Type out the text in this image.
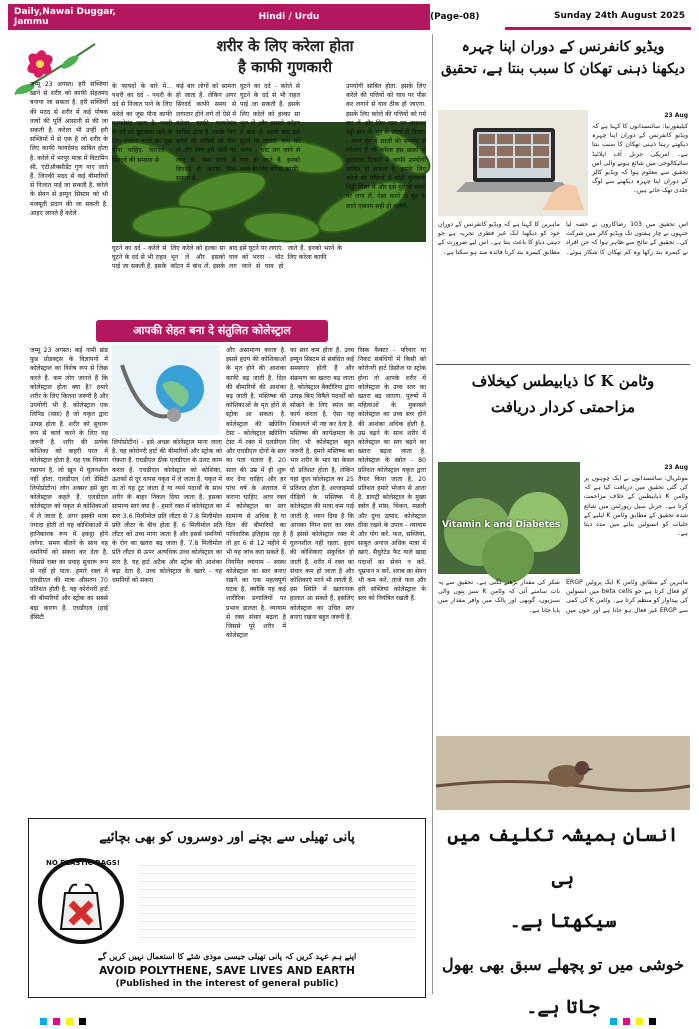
Daily,Nawai Duggar, Jammu	Hindi / Urdu	(Page-08)	Sunday 24th August 2025
शरीर के लिए करेला होता
है काफी गुणकारी
जम्मू 23 अगस्त। हरी सब्जियां खाने से शरीर को काफी सेहतमंद बनाया जा सकता है. हरी सब्जियों की मदद से शरीर में कई पोषक तत्वों की पूर्ति आसानी से की जा सकती है. करेला भी उन्हीं हरी सब्जियों में से एक है जो शरीर के लिए काफी फायदेमंद साबित होता है. करेले में भरपूर मात्रा में विटामिन सी, एंटीऑक्सीडेंट गुण पाए जाते हैं. जिनकी मदद से कई बीमारियों से निजात पाई जा सकती है. करेले के सेवन से इम्यून सिस्टम को भी मजबूती प्रदान की जा सकती है. आइए जानते हैं करेले
के फायदों के बारे में... पथरी का दर्द - पथरी के दर्द से निजात पाने के लिए करेले का जूस पीना काफी फायदेमंद रहता है. पथरी के दर्द को छुटकारा पाने के लिए रोजाना करेले का जूस पीना चाहिए. सिरदर्द - सिरदर्द की समस्या से
कई बार लोगों को सामना हो जाता है. लेकिन अगर सिरदर्द काफी समय से लगातार होने लगे तो ऐसे में करेला काफी फायदेमंद साबित होता है. इसके लिए करेले की पत्तियों को पीस लें और फिर इसे माथे पर लगा लें. ऐसा करने से सिरदर्द से आराम मिल सकता है.
घुटने का दर्द - करेले से घुटने के दर्द से भी राहत पाई जा सकती है. इसके लिए करेले को हल्का सा भून लें और इसको कॉटन में बांध लें. इसके बाद इसे घुटने पर लगाएं. घाव को भरना - चोट लग जाने से घाव हो जाते हैं. इनको भरने के लिए करेला काफी
उपयोगी साबित होता. इसके लिए करेले की पत्तियों को घाव पर पीस कर लगाने से घाव ठीक हो जाएगा. इसके लिए करेले की पत्तियों को गर्म कर लें और फिर घाव पर लगाकर पट्टी बांध लें. मुंह के छालों से निजात - अगर मुंह में छालों की समस्या से परेशान हैं तो करेला इस छालों से छुटकारा दिलाने में काफी उपयोगी साबित हो सकता है. इसके लिए करेले की पत्तियों में थोड़ी मुलतानी मिट्टी मिला लें और इसे मुंह के छालों पर लगा लें. ऐसा करने से मुंह के छाले एकदम सही हो जाएंगे.
घुटने का दर्द - करेले से घुटने के दर्द से भी राहत पाई जा सकती है. इसके लिए करेले को हल्का सा भून लें और इसको कॉटन में बांध लें. इसके बाद इसे घुटने पर लगाएं. घाव को भरना - चोट लग जाने से घाव हो जाते हैं. इनको भरने के लिए करेला काफी
आपकी सेहत बना दे संतुलित कोलेस्ट्राल
जम्मू 23 अगस्त। कई नामी ब्रांड फूड प्रोडक्ट्स के विज्ञापनों में कोलेस्ट्राल का विशेष रूप से जिक्र करते हैं. कम लोग जानते हैं कि कोलेस्ट्राल होता क्या है? हमारे शरीर के लिए कितना जरूरी है और उपयोगी भी है. कोलेस्ट्राल एक लिपिड (वसा) है जो यकृत द्वारा उत्पन्न होता है. शरीर को सुचारू रूप से कार्य करने के लिए यह जरूरी है. शरीर की प्रत्येक कोशिका को बाहरी परत में कोलेस्ट्राल होता है. यह एक चिकना रसायन है, जो खून में घुलनशील नहीं होता. एलडीएल (लो डेंसिटी लिपोप्रोटीन) लोग अक्सर इसे बुरा कोलेस्ट्राल कहते हैं. एलडीएल कोलेस्ट्राल को यकृत से कोशिकाओं में ले जाता है. अगर इसकी मात्रा ज्यादा होती तो यह कोशिकाओं में हानिकारक रूप में इकट्ठा होने लगेगा. समय बीतने के साथ यह धमनियों को संकरा कर देता है, जिससे रक्त का प्रवाह सुचारू रूप से नहीं हो पाता. हमारे रक्त में एलडीएल की मात्रा औसतन 70 प्रतिशत होती है. यह कोरोनरी हार्ट की बीमारियों और स्ट्रोक का सबसे बड़ा कारण है. एचडीएल (हाई डेंसिटी
लिपोप्रोटीन) - इसे अच्छा कोलेस्ट्राल माना जाता है. यह कोरोनरी हार्ट की बीमारियों और स्ट्रोक को रोकता है. एचडीएल ठीक एलडीएल के उलट काम करता है. एचडीएल कोलेस्ट्राल को कोशिका, ऊतकों से दूर वापस यकृत में ले जाता है. यकृत में या तो यह टूट जाता है या व्यर्थ पदार्थों के साथ शरीर के बाहर निकल दिया जाता है. इसका सामान्य स्तर क्या है - हमारे रक्त में कोलेस्ट्राल का स्तर 3.6 मिलीमोल प्रति लीटर से 7.8 मिलीमोल प्रति लीटर के बीच होता है. 6 मिलीमोल प्रति लीटर को उच्च माना जाता है और इससे धमनियों के रोग का खतरा बढ़ जाता है. 7.8 मिलीमोल प्रति लीटर से ऊपर अत्यधिक उच्च कोलेस्ट्राल का स्तर है. यह हार्ट अटैक और स्ट्रोक की आशंका बढ़ा देता है. उच्च कोलेस्ट्राल के खतरे - यह धमनियों को संकरा
और असामान्य करता है. इससे हृदय की कोशिकाओं के मृत होने की आशंका काफी बढ़ जाती है. दिल की बीमारियों की आशंका बढ़ जाती है. मस्तिष्क की कोशिकाओं के मृत होने से स्ट्रोक आ सकता है. कोलेस्ट्राल की स्क्रीनिंग टेस्ट - कोलेस्ट्राल स्क्रीनिंग टेस्ट में रक्त में एलडीएल और एचडीएल दोनों के स्तर का पता चलता है. 20 साल की उम्र में ही शुरू कर देना चाहिए और हर पांच वर्ष के अंतराल में कराना चाहिए. अगर रक्त में कोलेस्ट्राल का स्तर सामान्य से अधिक है या दिल की बीमारियों का पारिवारिक इतिहास रहा है तो हर 6 से 12 महीने में भी यह जांच करा सकते हैं. नियमित व्यायाम - स्वस्थ कोलेस्ट्राल का स्तर बनाए रखने का एक महत्वपूर्ण घटक है, क्योंकि यह कई शारीरिक प्रणालियों पर प्रभाव डालता है. व्यायाम से रक्त संचार बढ़ता है जिससे पूरे शरीर में कोलेस्ट्राल
का स्तर कम होता है. उच्च इम्यून सिस्टम से संबंधित कई समस्याएं होती हैं और संक्रमण का खतरा बढ़ जाता है. कोलेस्ट्राल बैक्टीरिया द्वारा उत्पन्न किए विषैले पदार्थों को सोखने के लिए स्पंज का कार्य करता है, ऐसा यह शिकायतें भी नष्ट कर देता है. मस्तिष्क की कार्यक्षमता के लिए भी कोलेस्ट्राल बहुत जरूरी है. हमारे मस्तिष्क का भार शरीर के भार का केवल दो प्रतिशत होता है, लेकिन यहां कुल कोलेस्ट्राल का 25 प्रतिशत होता है. अल्जाइमर्स पीड़ितों के मस्तिष्क में कोलेस्ट्राल की मात्रा कम पाई जाती है. ध्यान दिया है कि आपका निम्न स्तर का रक्त है इससे कोलेस्ट्राल रक्त में घुलनशील नहीं रहता. हृदय की कोशिकाएं संकुचित हो जाती हैं. शरीर में रक्त का संचार कम हो जाता है और कोशिकाएं मरने भी लगती हैं. इस स्थिति में खतरनाक हालात आ सकते हैं, इसलिए कोलेस्ट्राल का उचित स्तर बनाए रखना बहुत जरूरी है.
रिस्क फैक्टर - परिवार या निकट संबंधियों में किसी को कोरोनरी हार्ट डिसीज या स्ट्रोक होना तो आपके शरीर में कोलेस्ट्राल के उच्च स्तर का खतरा बढ़ जाएगा. पुरुषों में महिलाओं के मुकाबले कोलेस्ट्राल का उच्च स्तर होने की आशंका अधिक होती है. उम्र बढ़ने के साथ शरीर में कोलेस्ट्राल का स्तर बढ़ने का खतरा बढ़ता जाता है. कोलेस्ट्राल के स्त्रोत - 80 प्रतिशत कोलेस्ट्राल यकृत द्वारा तैयार किया जाता है, 20 प्रतिशत हमारे भोजन से आता है. डायट्री कोलेस्ट्राल के मुख्य स्त्रोत हैं मांस, चिकन, मछली और दुग्ध उत्पाद. कोलेस्ट्राल ठीक रखने के उपाय - व्यायाम और योग करें. फल, सब्जियां, साबुत अनाज अधिक मात्रा में खाएं. सैचुरेटेड फैट वाले खाद्य पदार्थों का सेवन न करें. धूम्रपान न करें, शराब का सेवन भी कम करें. ताजे फल और हरी सब्जियां कोलेस्ट्राल के स्तर को नियंत्रित रखती हैं.
پانی تھیلی سے بچنے اور دوسروں کو بھی بچائیے
NO PLASTIC BAGS!
اپنے ہم عہد کریں کہ پانی تھیلی جیسی موذی شئے کا استعمال نہیں کریں گے
AVOID POLYTHENE, SAVE LIVES AND EARTH
(Published in the interest of general public)
ویڈیو کانفرنس کے دوران اپنا چہرہ
دیکھنا ذہنی تھکان کا سبب بنتا ہے، تحقیق
23 Aug
کیلیفورنیا: سائنسدانوں کا کہنا ہے کہ ویڈیو کانفرنس کے دوران اپنا چہرہ دیکھتے رہنا ذہنی تھکان کا سبب بنتا ہے۔ امریکی جرنل آف اپلائیڈ سائیکالوجی میں شائع ہونے والی اس تحقیق سے معلوم ہوا کہ ویڈیو کالز کے دوران اپنا چہرہ دیکھنے سے لوگ جلدی تھک جاتے ہیں۔
اس تحقیق میں 103 رضاکاروں نے حصہ لیا جنہوں نے چار ہفتوں تک ویڈیو کالز میں شرکت کی۔ تحقیق کے نتائج سے ظاہر ہوا کہ جن افراد نے کیمرہ بند رکھا وہ کم تھکان کا شکار ہوئے۔ ماہرین کا کہنا ہے کہ ویڈیو کانفرنس کے دوران خود کو دیکھنا ایک غیر فطری تجربہ ہے جو ذہنی دباؤ کا باعث بنتا ہے۔ اس لیے ضرورت کے مطابق کیمرہ بند کرنا فائدہ مند ہو سکتا ہے۔
وٹامن K کا ذیابیطس کیخلاف
مزاحمتی کردار دریافت
Vitamin k and Diabetes
23 Aug
مونٹریال: سائنسدانوں نے ایک چوہوں پر کی گئی تحقیق میں دریافت کیا ہے کہ وٹامن K ذیابیطس کے خلاف مزاحمت کرتا ہے۔ جرنل سیل رپورٹس میں شائع شدہ تحقیق کے مطابق وٹامن K لبلبے کے خلیات کو انسولین بنانے میں مدد دیتا ہے۔
ماہرین کے مطابق وٹامن K ایک پروٹین ERGP کو فعال کرتا ہے جو beta cells میں انسولین کی پیداوار کو منظم کرتا ہے۔ وٹامن K کی کمی سے ERGP غیر فعال ہو جاتا ہے اور خون میں شکر کی مقدار بڑھنے لگتی ہے۔ تحقیق سے یہ بات سامنے آئی کہ وٹامن K سبز پتوں والی سبزیوں، گوبھی اور پالک میں وافر مقدار میں پایا جاتا ہے۔
انسان ہمیشہ تکلیف میں ہی
سیکھتا ہے۔
خوشی میں تو پچھلے سبق بھی بھول
جاتا ہے۔
